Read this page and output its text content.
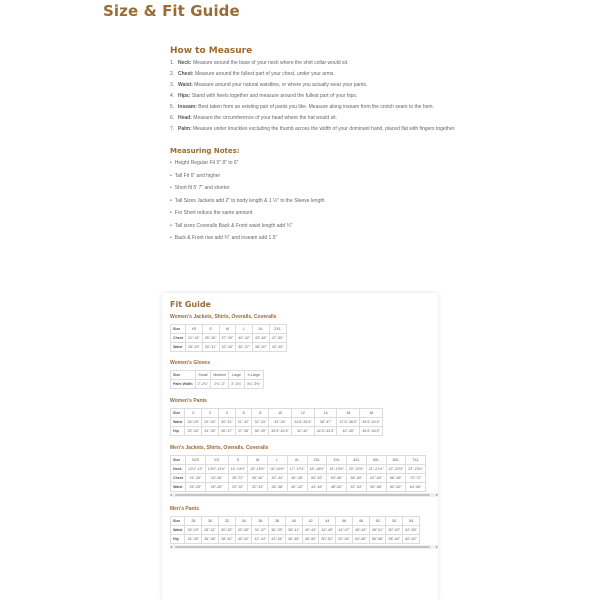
Size & Fit Guide
How to Measure
1. Neck: Measure around the base of your neck where the shirt collar would sit.
2. Chest: Measure around the fullest part of your chest, under your arms.
3. Waist: Measure around your natural waistline, or where you actually wear your pants.
4. Hips: Stand with heels together and measure around the fullest part of your hips.
5. Inseam: Best taken from an existing pair of pants you like. Measure along inseam from the crotch seam to the hem.
6. Head: Measure the circumference of your head where the hat would sit.
7. Palm: Measure under knuckles excluding the thumb across the width of your dominant hand, placed flat with fingers together.
Measuring Notes:
• Height Regular Fit 5" 8" to 6"
• Tall Fit 6" and higher
• Short fit 5' 7" and shorter
• Tall Sizes Jackets add 2" to body length & 1 ½" to the Sleeve length
• For Short reduce the same amount
• Tall sizes Coveralls Back & Front waist length add ¾"
• Back & Front rise add ¾" and inseam add 1.5"
Fit Guide
Women's Jackets, Shirts, Overalls, Coveralls
Size	XS	S	M	L	XL	2XL
Chest	31"-34"	35"-36"	37"-39"	40"-42"	43"-46"	47"-50"
Waist	28"-29"	30"-31"	32"-34"	35"-37"	38"-40"	42"-45"
Women's Gloves
Size	Small	Medium	Large	X-Large
Palm Width	2"-2¾"	2¾"-3"	3"-3¼"	3¼"-3½"
Women's Pants
Size	0	2	4	6	8	10	12	14	16	18
Waist	26"-29"	29"-30"	30"-31"	31"-32"	32"-33"	33"-34"	34.5"-35.5"	36"-37"	37.5"-38.5"	39.5"-40.5"
Hip	33"-34"	34"-35"	36"-37"	37"-38"	38"-39"	39.5"-40.5"	41"-42"	42.5"-43.5"	44"-45"	45.5"-46.5"
Men's Jackets, Shirts, Overalls, Coveralls
Size	XXS	XS	S	M	L	XL	2XL	3XL	4XL	5XL	6XL	7XL
Neck	12½"-13"	13½"-13¾"	14"-14½"	15"-15½"	16"-16½"	17"-17½"	18"-18½"	19"-19½"	20"-20½"	21"-21½"	22"-22½"	23"-23½"
Chest	31"-35"	34"-36"	35"-37"	38"-40"	42"-44"	46"-48"	50"-52"	54"-56"	58"-60"	62"-64"	66"-68"	70"-72"
Waist	25"-25"	26"-28"	29"-31"	32"-34"	36"-38"	40"-42"	44"-46"	48"-50"	52"-54"	56"-58"	60"-62"	64"-66"
◂	▸
Men's Pants
Size	28	30	32	34	36	38	40	42	44	46	48	50	52	54
Waist	26"-29"	28"-31"	30"-33"	32"-35"	34"-37"	36"-39"	38"-41"	40"-43"	42"-45"	44"-47"	46"-49"	48"-51"	50"-53"	52"-55"
Hip	34"-35"	36"-38"	38"-40"	40"-42"	42"-44"	44"-46"	46"-48"	48"-50"	50"-52"	52"-54"	54"-56"	56"-58"	58"-60"	60"-62"
◂	▸
